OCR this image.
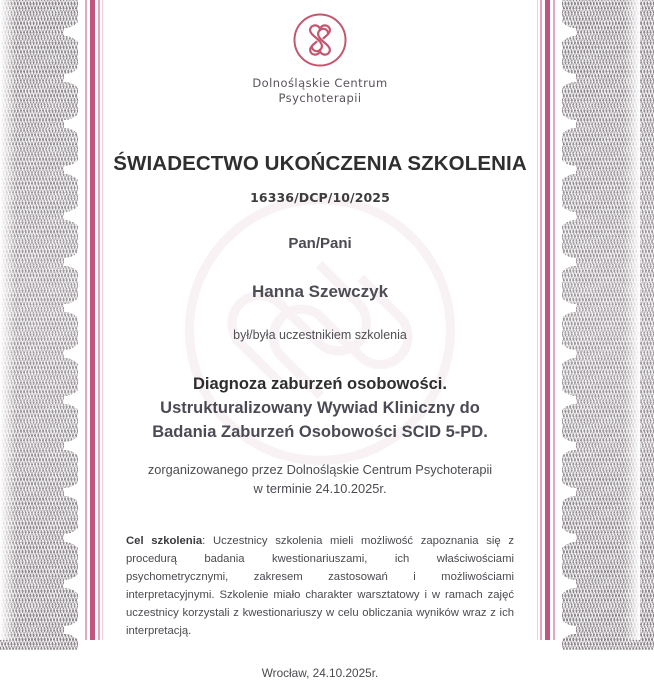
Dolnośląskie Centrum
Psychoterapii
ŚWIADECTWO UKOŃCZENIA SZKOLENIA
16336/DCP/10/2025
Pan/Pani
Hanna Szewczyk
był/była uczestnikiem szkolenia
Diagnoza zaburzeń osobowości.
Ustrukturalizowany Wywiad Kliniczny do
Badania Zaburzeń Osobowości SCID 5-PD.
zorganizowanego przez Dolnośląskie Centrum Psychoterapii
w terminie 24.10.2025r.

Cel szkolenia: Uczestnicy szkolenia mieli możliwość zapoznania się z procedurą badania kwestionariuszami, ich właściwościami psychometrycznymi, zakresem zastosowań i możliwościami interpretacyjnymi. Szkolenie miało charakter warsztatowy i w ramach zajęć uczestnicy korzystali z kwestionariuszy w celu obliczania wyników wraz z ich interpretacją.

Wrocław, 24.10.2025r.
